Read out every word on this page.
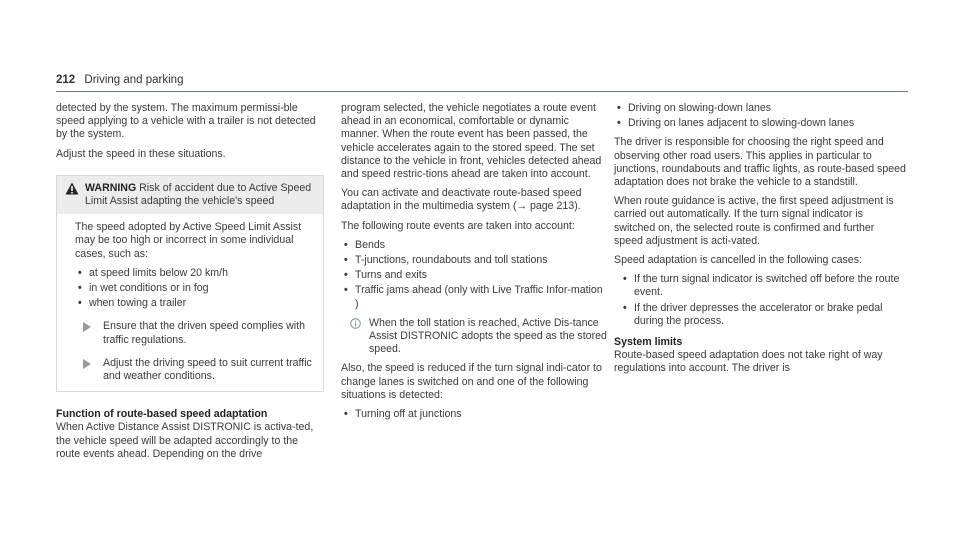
212 Driving and parking

detected by the system. The maximum permissi-ble speed applying to a vehicle with a trailer is not detected by the system.

Adjust the speed in these situations.

WARNING Risk of accident due to Active Speed Limit Assist adapting the vehicle's speed

The speed adopted by Active Speed Limit Assist may be too high or incorrect in some individual cases, such as:

• at speed limits below 20 km/h
• in wet conditions or in fog
• when towing a trailer
Ensure that the driven speed complies with traffic regulations.
Adjust the driving speed to suit current traffic and weather conditions.
Function of route-based speed adaptation

When Active Distance Assist DISTRONIC is activa-ted, the vehicle speed will be adapted accordingly to the route events ahead. Depending on the drive

program selected, the vehicle negotiates a route event ahead in an economical, comfortable or dynamic manner. When the route event has been passed, the vehicle accelerates again to the stored speed. The set distance to the vehicle in front, vehicles detected ahead and speed restric-tions ahead are taken into account.

You can activate and deactivate route-based speed adaptation in the multimedia system (→ page 213).

The following route events are taken into account:

• Bends
• T-junctions, roundabouts and toll stations
• Turns and exits
• Traffic jams ahead (only with Live Traffic Infor-mation )
When the toll station is reached, Active Dis-tance Assist DISTRONIC adopts the speed as the stored speed.

Also, the speed is reduced if the turn signal indi-cator to change lanes is switched on and one of the following situations is detected:

• Turning off at junctions
• Driving on slowing-down lanes
• Driving on lanes adjacent to slowing-down lanes

The driver is responsible for choosing the right speed and observing other road users. This applies in particular to junctions, roundabouts and traffic lights, as route-based speed adaptation does not brake the vehicle to a standstill.

When route guidance is active, the first speed adjustment is carried out automatically. If the turn signal indicator is switched on, the selected route is confirmed and further speed adjustment is acti-vated.

Speed adaptation is cancelled in the following cases:

• If the turn signal indicator is switched off before the route event.
• If the driver depresses the accelerator or brake pedal during the process.
System limits

Route-based speed adaptation does not take right of way regulations into account. The driver is
